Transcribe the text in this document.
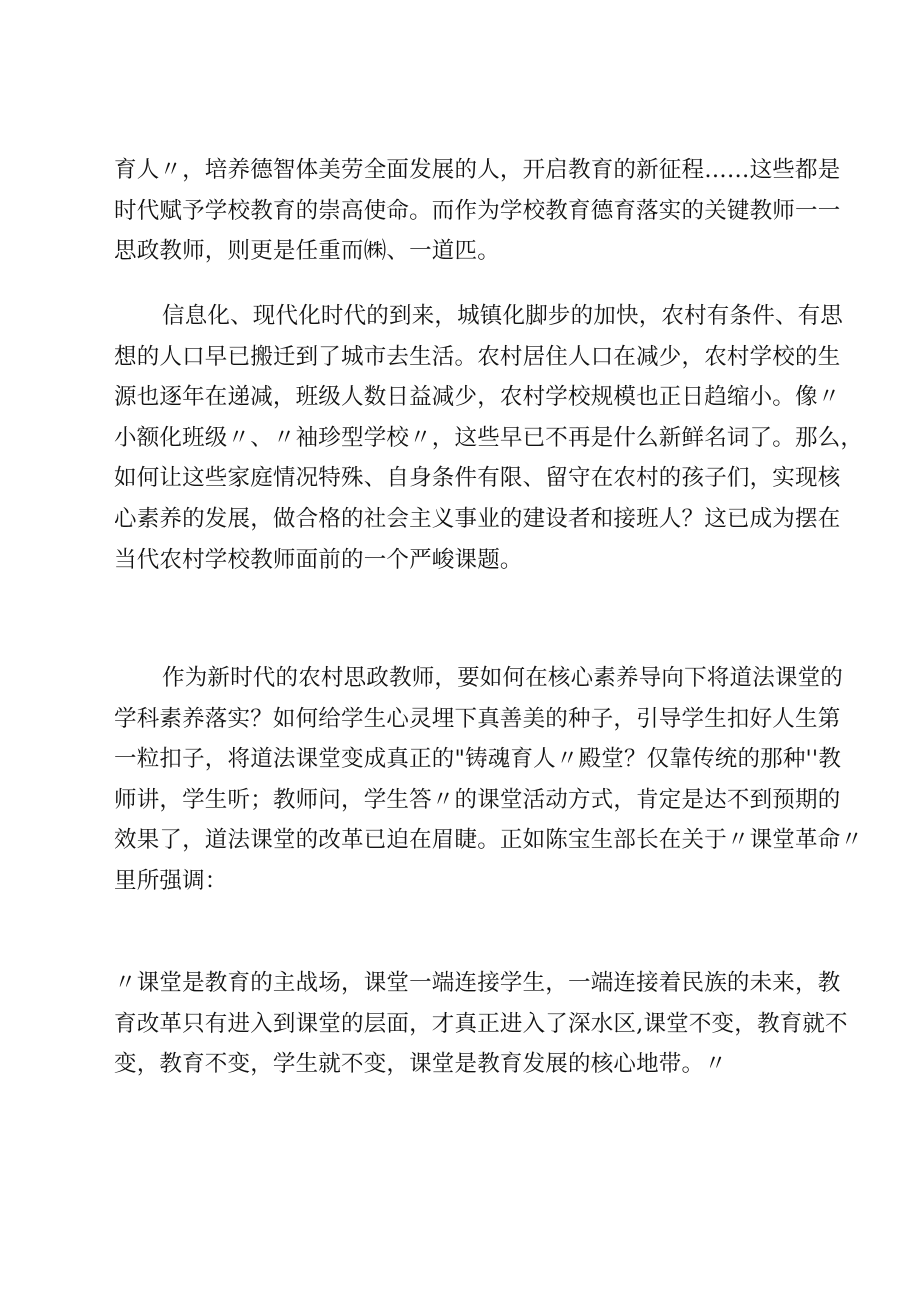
育人〃，培养德智体美劳全面发展的人，开启教育的新征程……这些都是
时代赋予学校教育的崇高使命。而作为学校教育德育落实的关键教师一一
思政教师，则更是任重而㈱、一道匹。

信息化、现代化时代的到来，城镇化脚步的加快，农村有条件、有思
想的人口早已搬迁到了城市去生活。农村居住人口在减少，农村学校的生
源也逐年在递减，班级人数日益减少，农村学校规模也正日趋缩小。像〃
小额化班级〃、〃袖珍型学校〃，这些早已不再是什么新鲜名词了。那么，
如何让这些家庭情况特殊、自身条件有限、留守在农村的孩子们，实现核
心素养的发展，做合格的社会主义事业的建设者和接班人？这已成为摆在
当代农村学校教师面前的一个严峻课题。

作为新时代的农村思政教师，要如何在核心素养导向下将道法课堂的
学科素养落实？如何给学生心灵埋下真善美的种子，引导学生扣好人生第
一粒扣子，将道法课堂变成真正的"铸魂育人〃殿堂？仅靠传统的那种''教
师讲，学生听；教师问，学生答〃的课堂活动方式，肯定是达不到预期的
效果了，道法课堂的改革已迫在眉睫。正如陈宝生部长在关于〃课堂革命〃
里所强调：

〃课堂是教育的主战场，课堂一端连接学生，一端连接着民族的未来，教
育改革只有进入到课堂的层面，才真正进入了深水区,课堂不变，教育就不
变，教育不变，学生就不变，课堂是教育发展的核心地带。〃
